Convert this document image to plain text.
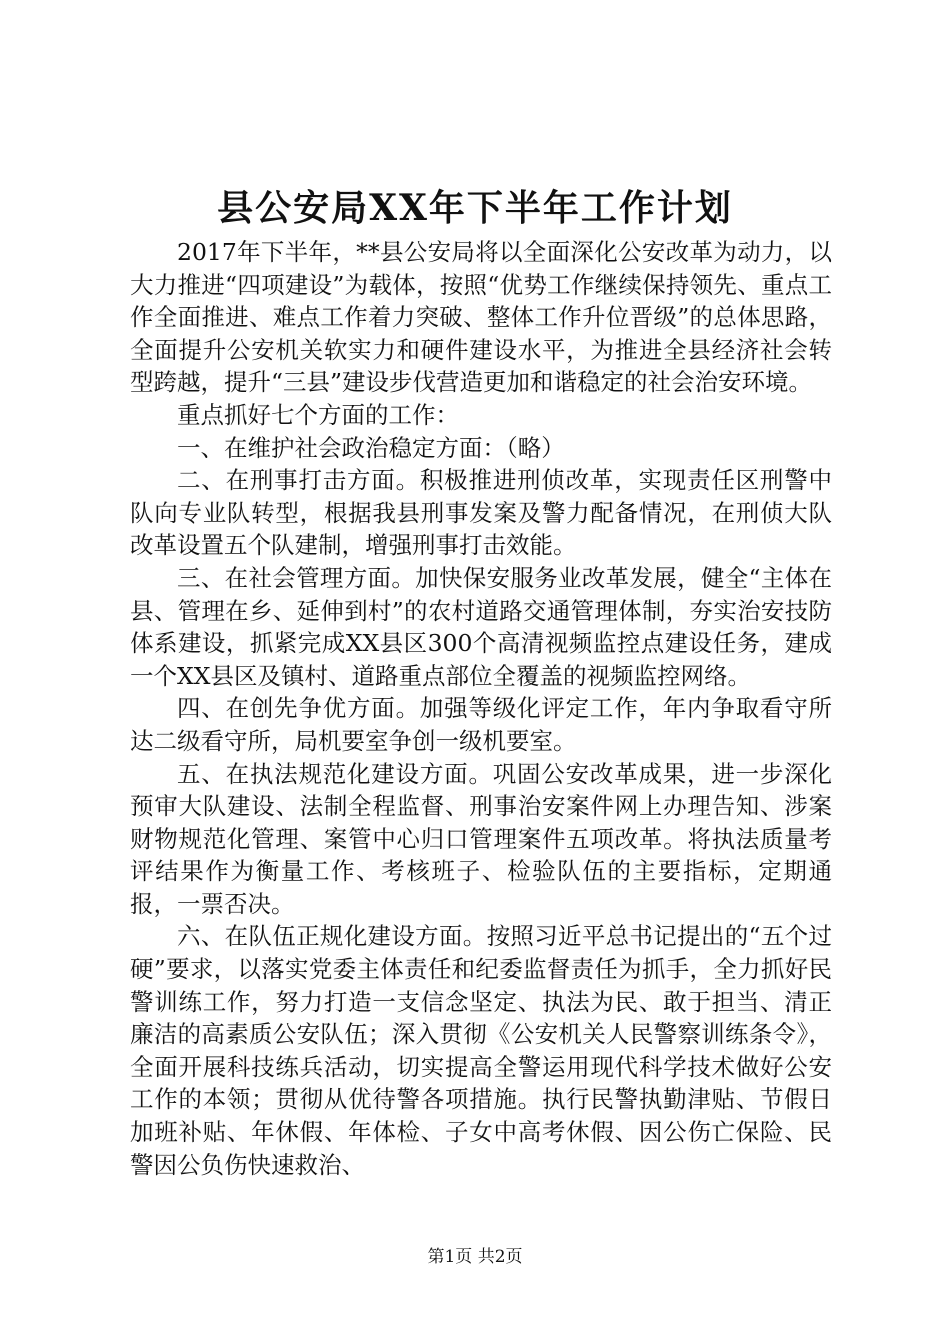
县公安局XX年下半年工作计划

2017年下半年，**县公安局将以全面深化公安改革为动力，以大力推进“四项建设”为载体，按照“优势工作继续保持领先、重点工作全面推进、难点工作着力突破、整体工作升位晋级”的总体思路，全面提升公安机关软实力和硬件建设水平，为推进全县经济社会转型跨越，提升“三县”建设步伐营造更加和谐稳定的社会治安环境。

重点抓好七个方面的工作：

一、在维护社会政治稳定方面：（略）

二、在刑事打击方面。积极推进刑侦改革，实现责任区刑警中队向专业队转型，根据我县刑事发案及警力配备情况，在刑侦大队改革设置五个队建制，增强刑事打击效能。

三、在社会管理方面。加快保安服务业改革发展，健全“主体在县、管理在乡、延伸到村”的农村道路交通管理体制，夯实治安技防体系建设，抓紧完成XX县区300个高清视频监控点建设任务，建成一个XX县区及镇村、道路重点部位全覆盖的视频监控网络。

四、在创先争优方面。加强等级化评定工作，年内争取看守所达二级看守所，局机要室争创一级机要室。

五、在执法规范化建设方面。巩固公安改革成果，进一步深化预审大队建设、法制全程监督、刑事治安案件网上办理告知、涉案财物规范化管理、案管中心归口管理案件五项改革。将执法质量考评结果作为衡量工作、考核班子、检验队伍的主要指标，定期通报，一票否决。

六、在队伍正规化建设方面。按照习近平总书记提出的“五个过硬”要求，以落实党委主体责任和纪委监督责任为抓手，全力抓好民警训练工作，努力打造一支信念坚定、执法为民、敢于担当、清正廉洁的高素质公安队伍；深入贯彻《公安机关人民警察训练条令》，全面开展科技练兵活动，切实提高全警运用现代科学技术做好公安工作的本领；贯彻从优待警各项措施。执行民警执勤津贴、节假日加班补贴、年休假、年体检、子女中高考休假、因公伤亡保险、民警因公负伤快速救治、

第1页 共2页
